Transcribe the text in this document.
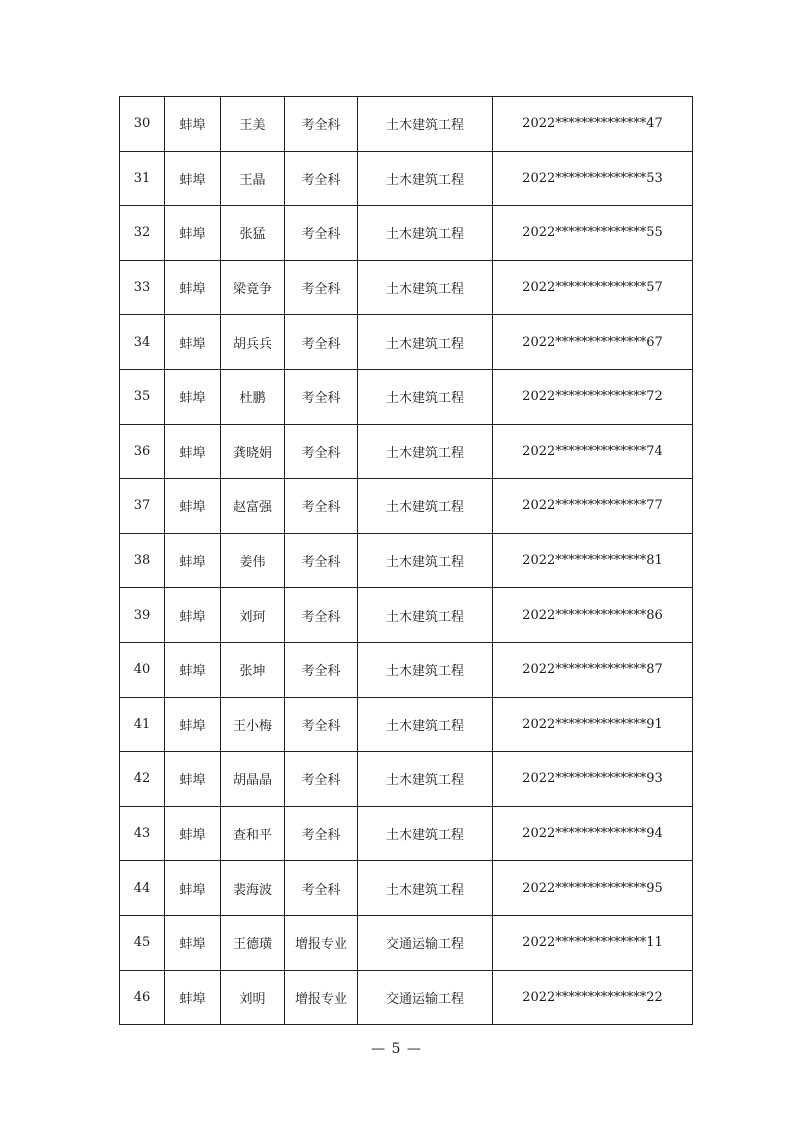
30	蚌埠	王美	考全科	土木建筑工程	2022**************47
31	蚌埠	王晶	考全科	土木建筑工程	2022**************53
32	蚌埠	张猛	考全科	土木建筑工程	2022**************55
33	蚌埠	梁竟争	考全科	土木建筑工程	2022**************57
34	蚌埠	胡兵兵	考全科	土木建筑工程	2022**************67
35	蚌埠	杜鹏	考全科	土木建筑工程	2022**************72
36	蚌埠	龚晓娟	考全科	土木建筑工程	2022**************74
37	蚌埠	赵富强	考全科	土木建筑工程	2022**************77
38	蚌埠	姜伟	考全科	土木建筑工程	2022**************81
39	蚌埠	刘珂	考全科	土木建筑工程	2022**************86
40	蚌埠	张坤	考全科	土木建筑工程	2022**************87
41	蚌埠	王小梅	考全科	土木建筑工程	2022**************91
42	蚌埠	胡晶晶	考全科	土木建筑工程	2022**************93
43	蚌埠	查和平	考全科	土木建筑工程	2022**************94
44	蚌埠	裴海波	考全科	土木建筑工程	2022**************95
45	蚌埠	王德璜	增报专业	交通运输工程	2022**************11
46	蚌埠	刘明	增报专业	交通运输工程	2022**************22
— 5 —
